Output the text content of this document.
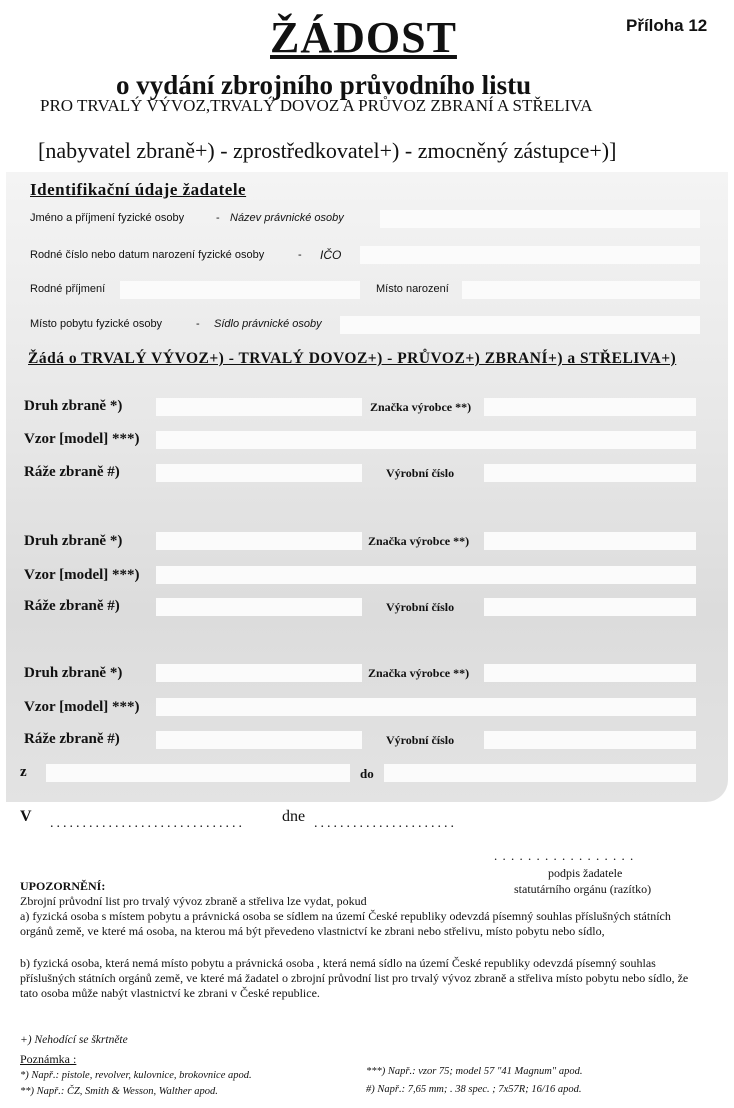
Příloha 12
ŽÁDOST
o vydání zbrojního průvodního listu
PRO TRVALÝ VÝVOZ,TRVALÝ DOVOZ A PRŮVOZ ZBRANÍ A STŘELIVA
[nabyvatel zbraně+) - zprostředkovatel+) - zmocněný zástupce+)]
Identifikační údaje žadatele
Jméno a příjmení fyzické osoby	- Název právnické osoby
Rodné číslo nebo datum narození fyzické osoby	- IČO
Rodné příjmení	Místo narození
Místo pobytu fyzické osoby	- Sídlo právnické osoby
Žádá o TRVALÝ VÝVOZ+) - TRVALÝ DOVOZ+) - PRŮVOZ+) ZBRANÍ+) a STŘELIVA+)
Druh zbraně *)	Značka výrobce **)
Vzor [model] ***)
Ráže zbraně #)	Výrobní číslo
Druh zbraně *)	Značka výrobce **)
Vzor [model] ***)
Ráže zbraně #)	Výrobní číslo
Druh zbraně *)	Značka výrobce **)
Vzor [model] ***)
Ráže zbraně #)	Výrobní číslo
z	do
V .............................. dne ......................
. . . . . . . . . . . . . . . . .
podpis žadatele
statutárního orgánu (razítko)
UPOZORNĚNÍ:
Zbrojní průvodní list pro trvalý vývoz zbraně a střeliva lze vydat, pokud
a) fyzická osoba s místem pobytu a právnická osoba se sídlem na území České republiky odevzdá písemný souhlas příslušných státních orgánů země, ve které má osoba, na kterou má být převedeno vlastnictví ke zbrani nebo střelivu, místo pobytu nebo sídlo,
b) fyzická osoba, která nemá místo pobytu a právnická osoba , která nemá sídlo na území České republiky odevzdá písemný souhlas příslušných státních orgánů země, ve které má žadatel o zbrojní průvodní list pro trvalý vývoz zbraně a střeliva místo pobytu nebo sídlo, že tato osoba může nabýt vlastnictví ke zbrani v České republice.
+) Nehodící se škrtněte
Poznámka :
*) Např.: pistole, revolver, kulovnice, brokovnice apod.
**) Např.: ČZ, Smith & Wesson, Walther apod.
***) Např.: vzor 75; model 57 "41 Magnum" apod.
#) Např.: 7,65 mm; . 38 spec. ; 7x57R; 16/16 apod.
